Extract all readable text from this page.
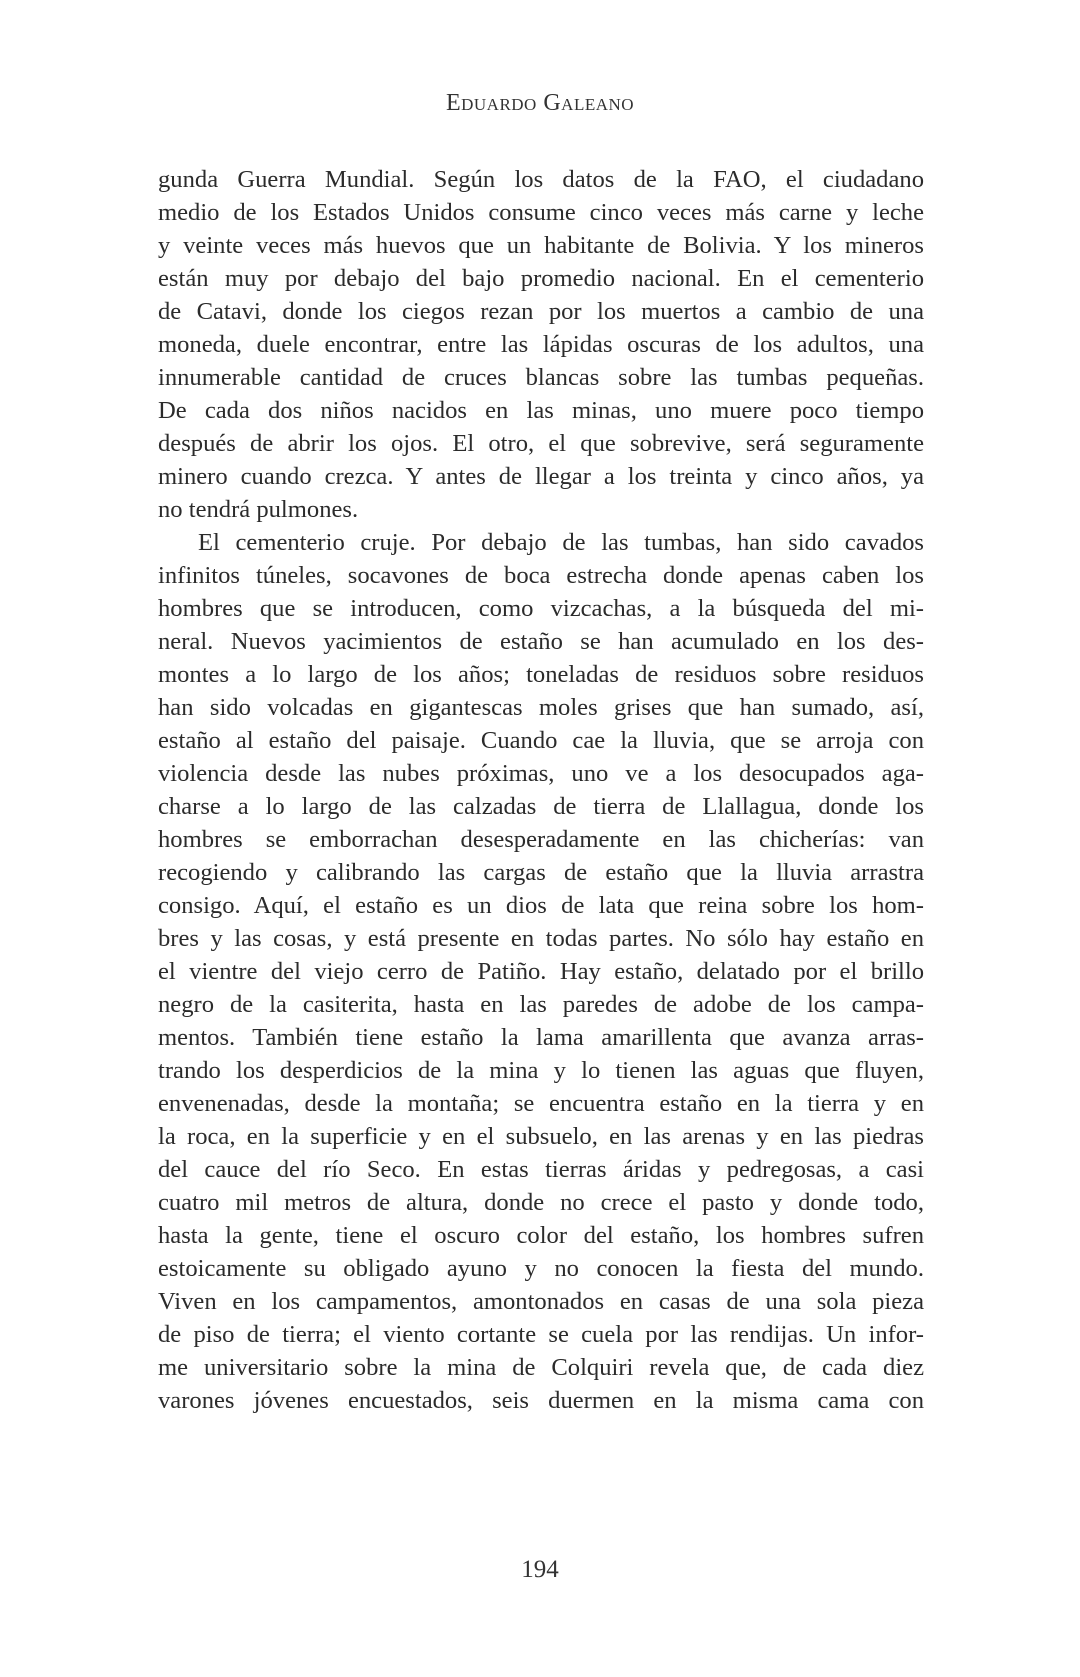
Eduardo Galeano
gunda Guerra Mundial. Según los datos de la FAO, el ciudadano
medio de los Estados Unidos consume cinco veces más carne y leche
y veinte veces más huevos que un habitante de Bolivia. Y los mineros
están muy por debajo del bajo promedio nacional. En el cementerio
de Catavi, donde los ciegos rezan por los muertos a cambio de una
moneda, duele encontrar, entre las lápidas oscuras de los adultos, una
innumerable cantidad de cruces blancas sobre las tumbas pequeñas.
De cada dos niños nacidos en las minas, uno muere poco tiempo
después de abrir los ojos. El otro, el que sobrevive, será seguramente
minero cuando crezca. Y antes de llegar a los treinta y cinco años, ya
no tendrá pulmones.
El cementerio cruje. Por debajo de las tumbas, han sido cavados
infinitos túneles, socavones de boca estrecha donde apenas caben los
hombres que se introducen, como vizcachas, a la búsqueda del mi-
neral. Nuevos yacimientos de estaño se han acumulado en los des-
montes a lo largo de los años; toneladas de residuos sobre residuos
han sido volcadas en gigantescas moles grises que han sumado, así,
estaño al estaño del paisaje. Cuando cae la lluvia, que se arroja con
violencia desde las nubes próximas, uno ve a los desocupados aga-
charse a lo largo de las calzadas de tierra de Llallagua, donde los
hombres se emborrachan desesperadamente en las chicherías: van
recogiendo y calibrando las cargas de estaño que la lluvia arrastra
consigo. Aquí, el estaño es un dios de lata que reina sobre los hom-
bres y las cosas, y está presente en todas partes. No sólo hay estaño en
el vientre del viejo cerro de Patiño. Hay estaño, delatado por el brillo
negro de la casiterita, hasta en las paredes de adobe de los campa-
mentos. También tiene estaño la lama amarillenta que avanza arras-
trando los desperdicios de la mina y lo tienen las aguas que fluyen,
envenenadas, desde la montaña; se encuentra estaño en la tierra y en
la roca, en la superficie y en el subsuelo, en las arenas y en las piedras
del cauce del río Seco. En estas tierras áridas y pedregosas, a casi
cuatro mil metros de altura, donde no crece el pasto y donde todo,
hasta la gente, tiene el oscuro color del estaño, los hombres sufren
estoicamente su obligado ayuno y no conocen la fiesta del mundo.
Viven en los campamentos, amontonados en casas de una sola pieza
de piso de tierra; el viento cortante se cuela por las rendijas. Un infor-
me universitario sobre la mina de Colquiri revela que, de cada diez
varones jóvenes encuestados, seis duermen en la misma cama con
194
